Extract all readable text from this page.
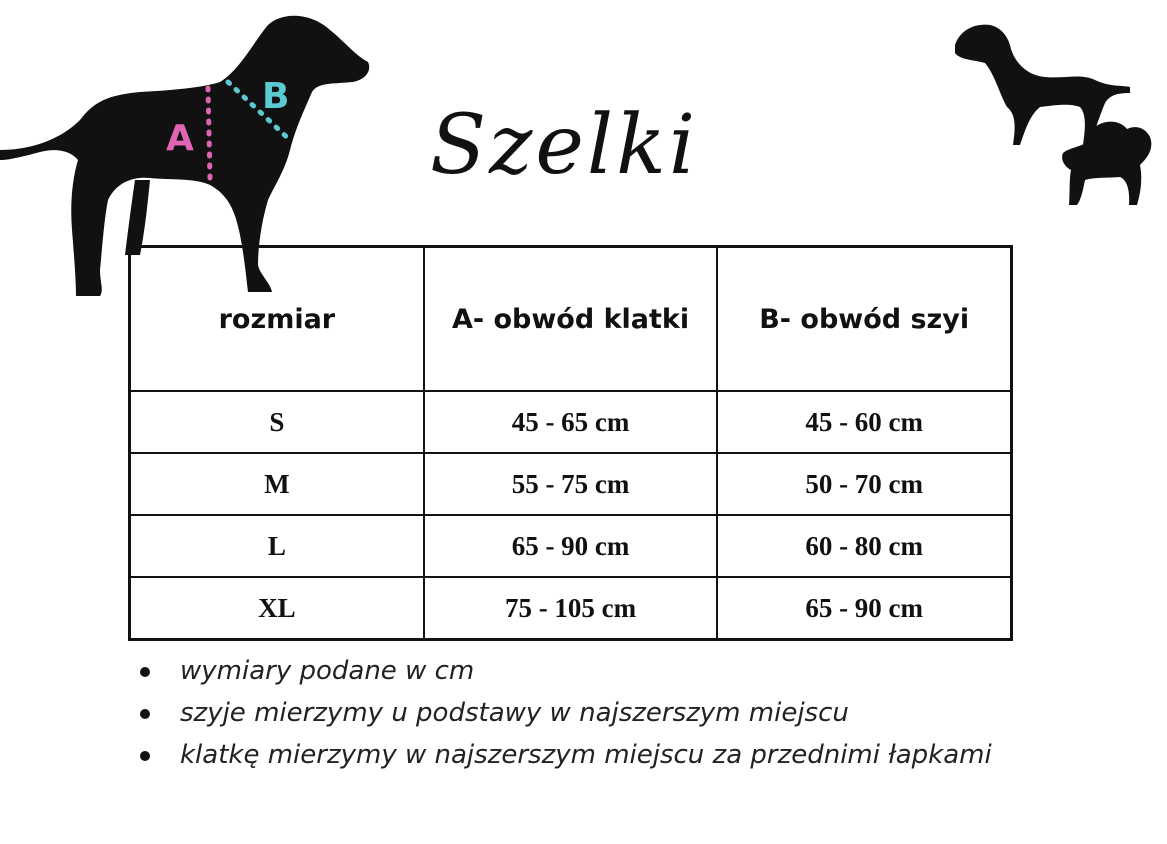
A
B
Szelki
rozmiar	A- obwód klatki	B- obwód szyi
S	45 - 65 cm	45 - 60 cm
M	55 - 75 cm	50 - 70 cm
L	65 - 90 cm	60 - 80 cm
XL	75 - 105 cm	65 - 90 cm
wymiary podane w cm
szyje mierzymy u podstawy w najszerszym miejscu
klatkę mierzymy w najszerszym miejscu za przednimi łapkami
